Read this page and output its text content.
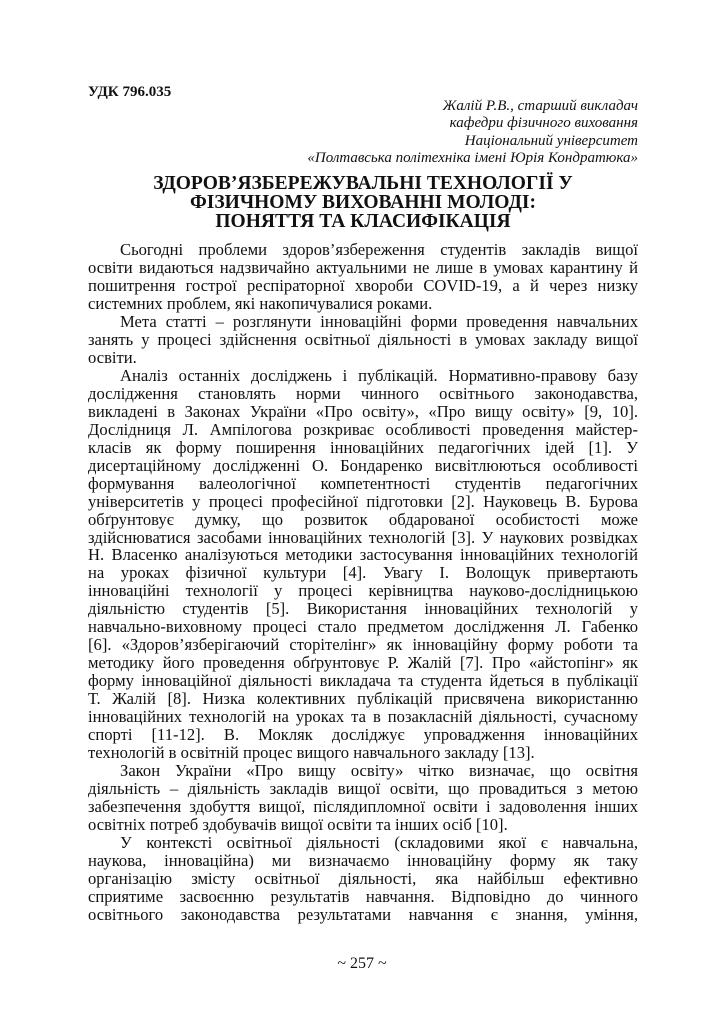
УДК 796.035
Жалій Р.В., старший викладач
кафедри фізичного виховання
Національний університет
«Полтавська політехніка імені Юрія Кондратюка»
ЗДОРОВ’ЯЗБЕРЕЖУВАЛЬНІ ТЕХНОЛОГІЇ У
ФІЗИЧНОМУ ВИХОВАННІ МОЛОДІ:
ПОНЯТТЯ ТА КЛАСИФІКАЦІЯ
Сьогодні проблеми здоров’язбереження студентів закладів вищої
освіти видаються надзвичайно актуальними не лише в умовах карантину й
пошитрення гострої респіраторної хвороби COVID-19, а й через низку
системних проблем, які накопичувалися роками.
Мета статті – розглянути інноваційні форми проведення навчальних
занять у процесі здійснення освітньої діяльності в умовах закладу вищої
освіти.
Аналіз останніх досліджень і публікацій. Нормативно-правову базу
дослідження становлять норми чинного освітнього законодавства,
викладені в Законах України «Про освіту», «Про вищу освіту» [9, 10].
Дослідниця Л. Ампілогова розкриває особливості проведення майстер-
класів як форму поширення інноваційних педагогічних ідей [1]. У
дисертаційному дослідженні О. Бондаренко висвітлюються особливості
формування валеологічної компетентності студентів педагогічних
університетів у процесі професійної підготовки [2]. Науковець В. Бурова
обґрунтовує думку, що розвиток обдарованої особистості може
здійснюватися засобами інноваційних технологій [3]. У наукових розвідках
Н. Власенко аналізуються методики застосування інноваційних технологій
на уроках фізичної культури [4]. Увагу І. Волощук привертають
інноваційні технології у процесі керівництва науково-дослідницькою
діяльністю студентів [5]. Використання інноваційних технологій у
навчально-виховному процесі стало предметом дослідження Л. Габенко
[6]. «Здоров’язберігаючий сторітелінг» як інноваційну форму роботи та
методику його проведення обґрунтовує Р. Жалій [7]. Про «айстопінг» як
форму інноваційної діяльності викладача та студента йдеться в публікації
Т. Жалій [8]. Низка колективних публікацій присвячена використанню
інноваційних технологій на уроках та в позакласній діяльності, сучасному
спорті [11-12]. В. Мокляк досліджує упровадження інноваційних
технологій в освітній процес вищого навчального закладу [13].
Закон України «Про вищу освіту» чітко визначає, що освітня
діяльність – діяльність закладів вищої освіти, що провадиться з метою
забезпечення здобуття вищої, післядипломної освіти і задоволення інших
освітніх потреб здобувачів вищої освіти та інших осіб [10].
У контексті освітньої діяльності (складовими якої є навчальна,
наукова, інноваційна) ми визначаємо інноваційну форму як таку
організацію змісту освітньої діяльності, яка найбільш ефективно
сприятиме засвоєнню результатів навчання. Відповідно до чинного
освітнього законодавства результатами навчання є знання, уміння,
~ 257 ~
